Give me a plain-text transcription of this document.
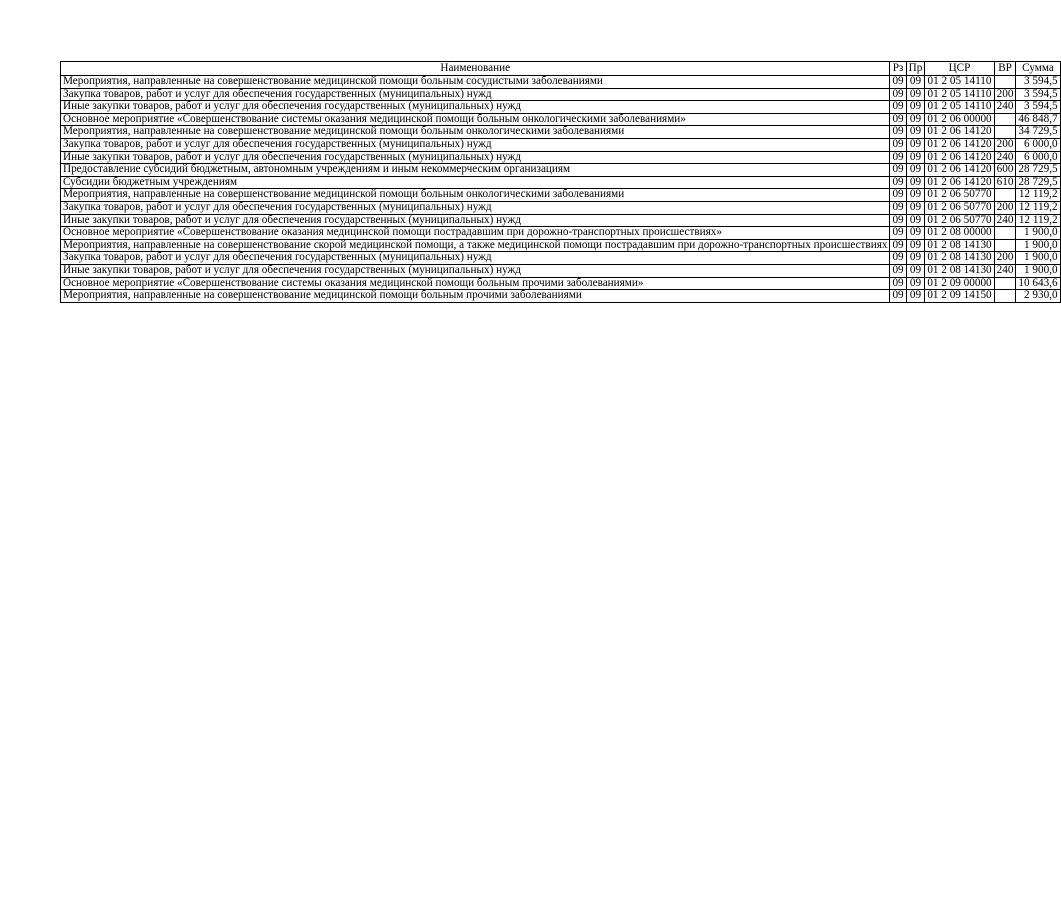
Наименование	Рз	Пр	ЦСР	ВР	Сумма
Мероприятия, направленные на совершенствование медицинской помощи больным сосудистыми заболеваниями	09	09	01 2 05 14110		3 594,5
Закупка товаров, работ и услуг для обеспечения государственных (муниципальных) нужд	09	09	01 2 05 14110	200	3 594,5
Иные закупки товаров, работ и услуг для обеспечения государственных (муниципальных) нужд	09	09	01 2 05 14110	240	3 594,5
Основное мероприятие «Совершенствование системы оказания медицинской помощи больным онкологическими заболеваниями»	09	09	01 2 06 00000		46 848,7
Мероприятия, направленные на совершенствование медицинской помощи больным онкологическими заболеваниями	09	09	01 2 06 14120		34 729,5
Закупка товаров, работ и услуг для обеспечения государственных (муниципальных) нужд	09	09	01 2 06 14120	200	6 000,0
Иные закупки товаров, работ и услуг для обеспечения государственных (муниципальных) нужд	09	09	01 2 06 14120	240	6 000,0
Предоставление субсидий бюджетным, автономным учреждениям и иным некоммерческим организациям	09	09	01 2 06 14120	600	28 729,5
Субсидии бюджетным учреждениям	09	09	01 2 06 14120	610	28 729,5
Мероприятия, направленные на совершенствование медицинской помощи больным онкологическими заболеваниями	09	09	01 2 06 50770		12 119,2
Закупка товаров, работ и услуг для обеспечения государственных (муниципальных) нужд	09	09	01 2 06 50770	200	12 119,2
Иные закупки товаров, работ и услуг для обеспечения государственных (муниципальных) нужд	09	09	01 2 06 50770	240	12 119,2
Основное мероприятие «Совершенствование оказания медицинской помощи пострадавшим при дорожно-транспортных происшествиях»	09	09	01 2 08 00000		1 900,0
Мероприятия, направленные на совершенствование скорой медицинской помощи, а также медицинской помощи пострадавшим при дорожно-транспортных происшествиях	09	09	01 2 08 14130		1 900,0
Закупка товаров, работ и услуг для обеспечения государственных (муниципальных) нужд	09	09	01 2 08 14130	200	1 900,0
Иные закупки товаров, работ и услуг для обеспечения государственных (муниципальных) нужд	09	09	01 2 08 14130	240	1 900,0
Основное мероприятие «Совершенствование системы оказания медицинской помощи больным прочими заболеваниями»	09	09	01 2 09 00000		10 643,6
Мероприятия, направленные на совершенствование медицинской помощи больным прочими заболеваниями	09	09	01 2 09 14150		2 930,0
